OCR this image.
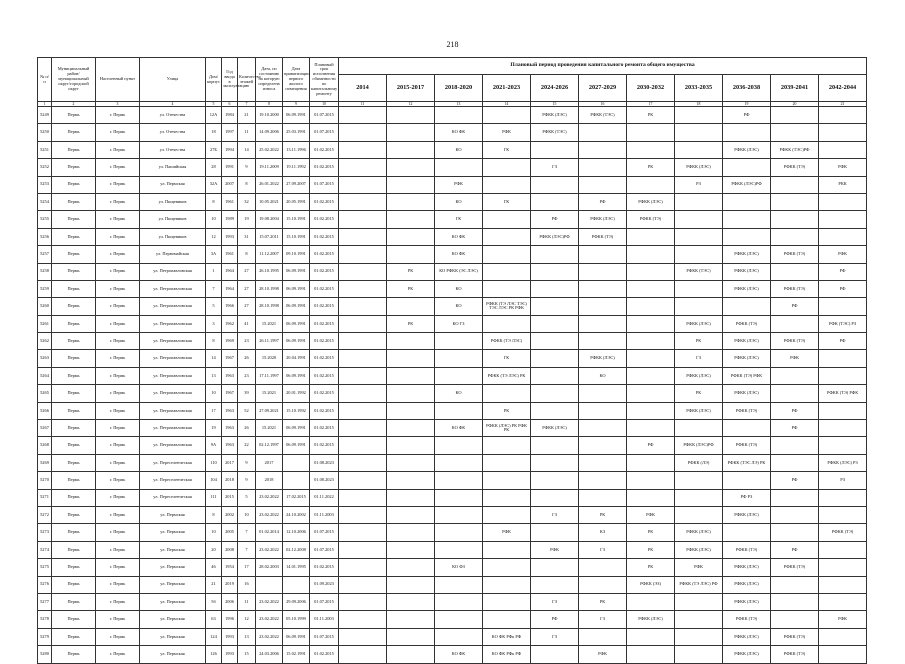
218
№ п/п	Муниципальный район/муниципальный округ/городской округ	Населенный пункт	Улица	Дом/корпус	Год ввода в эксплуатацию	Количество этажей	Дата, по состоянию на которую определена износа	Дата приватизации первого жилого помещения	Плановый срок исполнения обязанности по капитальному ремонту	Плановый период проведения капитального ремонта общего имущества										
										2014	2015-2017	2018-2020	2021-2023	2024-2026	2027-2029	2030-2032	2033-2035	2036-2038	2039-2041	2042-2044
1	2	3	4	5	6	7	8	9	10	11	12	13	14	15	16	17	18	19	20	21
5249	Пермь	г. Пермь	ул. Отечества	12А	1984	21	19.10.2000	06.09.1991	01.07.2015					РФКК (ЛЭС)	РФКК (ТЭС)	РК		РФ		
5250	Пермь	г. Пермь	ул. Отечества	18	1997	11	14.09.2006	25.03.1991	01.07.2015			КО ФК	РФК	РФКК (ТЭС)						
5251	Пермь	г. Пермь	ул. Отечества	27Б	1994	14	25.02.2022	13.11.1996	01.02.2015			КО	ГК					РФКК (ЛЭС)	РФКК (ТЭС)РФ	
5252	Пермь	г. Пермь	ул. Пашийская	28	1991	9	19.11.2009	19.11.1992	01.02.2015					ГЗ		РК	РФКК (ЛЭС)		РФКК (ТЭ)	РФК
5253	Пермь	г. Пермь	ул. Пермская	32А	2007	8	26.01.2022	27.09.2007	01.07.2015			РФК					РЗ	РФКК (ЛЭС)РФ		РКК
5254	Пермь	г. Пермь	ул. Пищевиков	8	1961	32	10.05.2021	20.05.1991	01.02.2015			КО	ГК		РФ	РФКК (ЛЭС)				
5255	Пермь	г. Пермь	ул. Пищевиков	10	1989	19	19.08.2004	15.10.1991	01.02.2015			ГК		РФ	РФКК (ЛЭС)	РФКК (ТЭ)				
5256	Пермь	г. Пермь	ул. Пищевиков	12	1993	31	15.07.2011	15.10.1991	01.02.2015			КО ФК		РФКК (ЛЭС)РФ	РФКК (ТЭ)					
5257	Пермь	г. Пермь	ул. Первомайская	3А	1961	8	11.12.2007	09.10.1991	01.02.2015			КО ФК						РФКК (ЛЭС)	РФКК (ТЭ)	РФК
5258	Пермь	г. Пермь	ул. Петропавловская	1	1964	27	26.10.1995	06.09.1991	01.02.2015		РК	КО РФКК (ЭС ЛЭС)					РФКК (ТЭС)	РФКК (ЛЭС)		РФ
5259	Пермь	г. Пермь	ул. Петропавловская	7	1964	27	28.10.1998	06.09.1991	01.02.2015		РК	КО						РФКК (ЛЭС)	РФКК (ТЭ)	РФ
5260	Пермь	г. Пермь	ул. Петропавловская	5	1966	27	28.10.1998	06.09.1991	01.02.2015			КО	РФКК (ТЭ ЛЭС ТЭС) ТЭС ЛЭС РК РФК						РФ	
5261	Пермь	г. Пермь	ул. Петропавловская	3	1962	41	15.2021	06.09.1991	01.02.2015		РК	КО ГЗ					РФКК (ЛЭС)	РФКК (ТЭ)		РФК (ТЭС) РЗ
5262	Пермь	г. Пермь	ул. Петропавловская	8	1969	23	26.11.1997	06.09.1991	01.02.2015				РФКК (ТЭ ЛЭС)				РК	РФКК (ЛЭС)	РФКК (ТЭ)	РФ
5263	Пермь	г. Пермь	ул. Петропавловская	14	1967	26	15.2020	20.04.1991	01.02.2015				ГК		РФКК (ЛЭС)		ГЗ	РФКК (ЛЭС)	РФК	
5264	Пермь	г. Пермь	ул. Петропавловская	13	1963	23	17.11.1997	06.09.1991	01.02.2015				РФКК (ТЭ ЛЭС) РК		КО		РФКК (ЛЭС)	РФКК (ТЭ) РФК		
5265	Пермь	г. Пермь	ул. Петропавловская	10	1967	39	15.2021	20.01.1992	01.02.2015			КО					РК	РФКК (ЛЭС)		РФКК (ТЭ) РФК
5266	Пермь	г. Пермь	ул. Петропавловская	17	1963	52	27.09.2021	15.10.1992	01.02.2015				РК				РФКК (ЛЭС)	РФКК (ТЭ)	РФ	
5267	Пермь	г. Пермь	ул. Петропавловская	19	1963	26	15.2021	06.09.1991	01.02.2015			КО ФК	РФКК (ЛЭС) РК РФК РК	РФКК (ЛЭС)					РФ	
5268	Пермь	г. Пермь	ул. Петропавловская	9А	1963	22	02.12.1997	06.09.1991	01.02.2015							РФ	РФКК (ЛЭС)РФ	РФКК (ТЭ)		
5269	Пермь	г. Пермь	ул. Переселенческая	110	2017	9	2017		01.08.2023								РФКК (ЛЭ)	РФКК (ТЭС ЛЭ) РК		РФКК (ЛЭС) РЗ
5270	Пермь	г. Пермь	ул. Переселенческая	104	2018	9	2018		01.08.2023										РФ	РЗ
5271	Пермь	г. Пермь	ул. Переселенческая	111	2015	5	23.02.2022	17.02.2015	01.11.2022									РФ РЗ		
5272	Пермь	г. Пермь	ул. Пермская	8	2002	10	23.02.2022	24.10.2002	01.11.2003					ГЗ	РК	РФК		РФКК (ЛЭС)		
5273	Пермь	г. Пермь	ул. Пермская	10	2005	7	01.02.2014	12.10.2006	01.07.2015				РФК		КЗ	РК	РФКК (ЛЭС)			РФКК (ТЭ)
5274	Пермь	г. Пермь	ул. Пермская	20	2008	7	23.02.2022	02.12.2008	01.07.2015					РФК	ГЗ	РК	РФКК (ЛЭС)	РФКК (ТЭ)	РФ	
5275	Пермь	г. Пермь	ул. Пермская	46	1954	17	28.02.2003	14.01.1995	01.02.2015			КО ФЗ				РК	РФК	РФКК (ЛЭС)	РФКК (ТЭ)	
5276	Пермь	г. Пермь	ул. Пермская	21	2019	16			01.09.2023							РФКК (ЭЗ)	РФКК (ТЭ ЛЭС) РФ	РФКК (ЛЭС)		
5277	Пермь	г. Пермь	ул. Пермская	5б	2006	11	23.02.2022	29.09.2006	01.07.2015					ГЗ	РК			РФКК (ЛЭС)		
5278	Пермь	г. Пермь	ул. Пермская	63	1996	12	23.02.2022	05.10.1999	01.11.2003					РФ	ГЗ	РФКК (ЛЭС)		РФКК (ТЭ)		РФК
5279	Пермь	г. Пермь	ул. Пермская	124	1993	13	23.02.2022	06.09.1991	01.07.2015				КО ФК РФк РФ	ГЗ				РФКК (ЛЭС)	РФКК (ТЭ)	
5280	Пермь	г. Пермь	ул. Пермская	126	1993	15	24.03.2006	15.02.1991	01.02.2015			КО ФК	КО ФК РФк РФ		РФК			РФКК (ЛЭС)	РФКК (ТЭ)	
